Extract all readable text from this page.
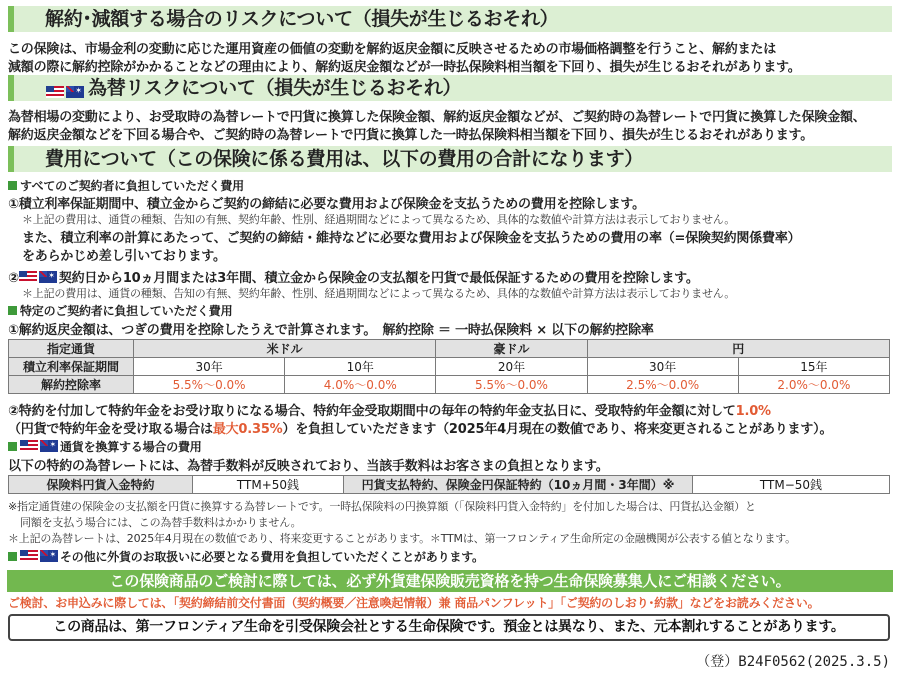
解約･減額する場合のリスクについて（損失が生じるおそれ）
この保険は、市場金利の変動に応じた運用資産の価値の変動を解約返戻金額に反映させるための市場価格調整を行うこと、解約または
減額の際に解約控除がかかることなどの理由により、解約返戻金額などが一時払保険料相当額を下回り、損失が生じるおそれがあります。
✶
為替リスクについて（損失が生じるおそれ）
為替相場の変動により、お受取時の為替レートで円貨に換算した保険金額、解約返戻金額などが、ご契約時の為替レートで円貨に換算した保険金額、
解約返戻金額などを下回る場合や、ご契約時の為替レートで円貨に換算した一時払保険料相当額を下回り、損失が生じるおそれがあります。
費用について（この保険に係る費用は、以下の費用の合計になります）
すべてのご契約者に負担していただく費用
①積立利率保証期間中、積立金からご契約の締結に必要な費用および保険金を支払うための費用を控除します。
＊上記の費用は、通貨の種類、告知の有無、契約年齢、性別、経過期間などによって異なるため、具体的な数値や計算方法は表示しておりません。
また、積立利率の計算にあたって、ご契約の締結・維持などに必要な費用および保険金を支払うための費用の率（=保険契約関係費率）
をあらかじめ差し引いております。
② ✶	契約日から10ヵ月間または3年間、積立金から保険金の支払額を円貨で最低保証するための費用を控除します。
＊上記の費用は、通貨の種類、告知の有無、契約年齢、性別、経過期間などによって異なるため、具体的な数値や計算方法は表示しておりません。
特定のご契約者に負担していただく費用
①解約返戻金額は、つぎの費用を控除したうえで計算されます。　解約控除 ＝ 一時払保険料 × 以下の解約控除率
指定通貨	米ドル		豪ドル	円	
積立利率保証期間	30年	10年	20年	30年	15年
解約控除率	5.5%～0.0%	4.0%～0.0%	5.5%～0.0%	2.5%～0.0%	2.0%～0.0%
②特約を付加して特約年金をお受け取りになる場合、特約年金受取期間中の毎年の特約年金支払日に、受取特約年金額に対して1.0%
（円貨で特約年金を受け取る場合は最大0.35%）を負担していただきます（2025年4月現在の数値であり、将来変更されることがあります）。
✶通貨を換算する場合の費用
以下の特約の為替レートには、為替手数料が反映されており、当該手数料はお客さまの負担となります。
保険料円貨入金特約	TTM+50銭	円貨支払特約、保険金円保証特約（10ヵ月間・3年間）※	TTM−50銭
※指定通貨建の保険金の支払額を円貨に換算する為替レートです。一時払保険料の円換算額（「保険料円貨入金特約」を付加した場合は、円貨払込金額）と
同額を支払う場合には、この為替手数料はかかりません。
＊上記の為替レートは、2025年4月現在の数値であり、将来変更することがあります。＊TTMは、第一フロンティア生命所定の金融機関が公表する値となります。
✶その他に外貨のお取扱いに必要となる費用を負担していただくことがあります。
この保険商品のご検討に際しては、必ず外貨建保険販売資格を持つ生命保険募集人にご相談ください。
ご検討、お申込みに際しては、「契約締結前交付書面（契約概要／注意喚起情報）兼 商品パンフレット」「ご契約のしおり･約款」などをお読みください。
この商品は、第一フロンティア生命を引受保険会社とする生命保険です。預金とは異なり、また、元本割れすることがあります。
（登）B24F0562(2025.3.5)
